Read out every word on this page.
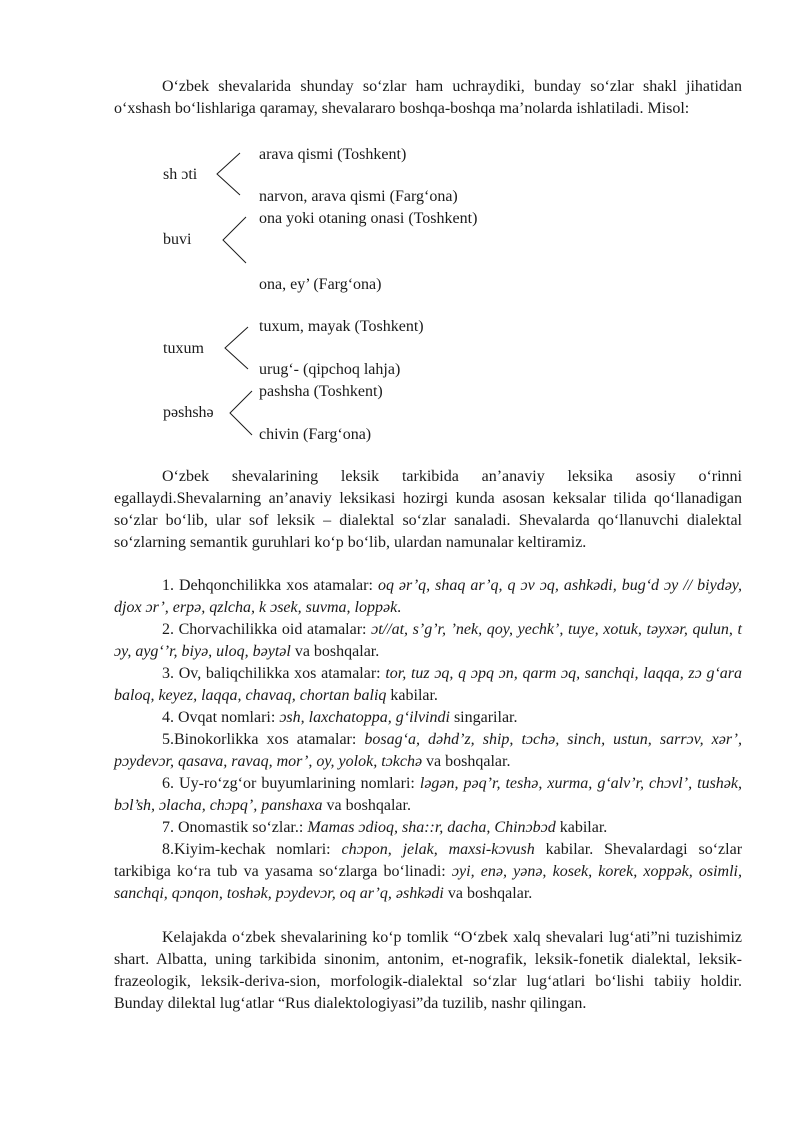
O‘zbek shevalarida shunday so‘zlar ham uchraydiki, bunday so‘zlar shakl jihatidan o‘xshash bo‘lishlariga qaramay, shevalararo boshqa-boshqa ma’nolarda ishlatiladi. Misol:

arava qismi (Toshkent)
sh ɔti
narvon, arava qismi (Farg‘ona)
ona yoki otaning onasi (Toshkent)
buvi
ona, ey’ (Farg‘ona)
tuxum, mayak (Toshkent)
tuxum
urug‘- (qipchoq lahja)
pashsha (Toshkent)
pәshshә
chivin (Farg‘ona)

O‘zbek shevalarining leksik tarkibida an’anaviy leksika asosiy o‘rinni egallaydi.Shevalarning an’anaviy leksikasi hozirgi kunda asosan keksalar tilida qo‘llanadigan so‘zlar bo‘lib, ular sof leksik – dialektal so‘zlar sanaladi. Shevalarda qo‘llanuvchi dialektal so‘zlarning semantik guruhlari ko‘p bo‘lib, ulardan namunalar keltiramiz.

1. Dehqonchilikka xos atamalar: oq әr’q, shaq ar’q, q ɔv ɔq, ashkәdi, bug‘d ɔy // biydәy, djox ɔr’, erpә, qzlcha, k ɔsek, suvma, loppәk.

2. Chorvachilikka oid atamalar: ɔt//at, s’g’r, ’nek, qoy, yechk’, tuye, xotuk, tәyxәr, qulun, t ɔy, ayg‘’r, biyә, uloq, bәytәl va boshqalar.

3. Ov, baliqchilikka xos atamalar: tor, tuz ɔq, q ɔpq ɔn, qarm ɔq, sanchqi, laqqa, zɔ g‘ara baloq, keyez, laqqa, chavaq, chortan baliq kabilar.

4. Ovqat nomlari: ɔsh, laxchatoppa, g‘ilvindi singarilar.

5.Binokorlikka xos atamalar: bosag‘a, dәhd’z, ship, tɔchә, sinch, ustun, sarrɔv, xәr’, pɔydevɔr, qasava, ravaq, mor’, oy, yolok, tɔkchә va boshqalar.

6. Uy-ro‘zg‘or buyumlarining nomlari: lәgәn, pәq’r, teshә, xurma, g‘alv’r, chɔvl’, tushәk, bɔl’sh, ɔlacha, chɔpq’, panshaxa va boshqalar.

7. Onomastik so‘zlar.: Mamas ɔdioq, sha::r, dacha, Chinɔbɔd kabilar.

8.Kiyim-kechak nomlari: chɔpon, jelak, maxsi-kɔvush kabilar. Shevalardagi so‘zlar tarkibiga ko‘ra tub va yasama so‘zlarga bo‘linadi: ɔyi, enә, yәnә, kosek, korek, xoppәk, osimli, sanchqi, qɔnqon, toshәk, pɔydevɔr, oq ar’q, әshkәdi va boshqalar.

Kelajakda o‘zbek shevalarining ko‘p tomlik “O‘zbek xalq shevalari lug‘ati”ni tuzishimiz shart. Albatta, uning tarkibida sinonim, antonim, et-nografik, leksik-fonetik dialektal, leksik-frazeologik, leksik-deriva-sion, morfologik-dialektal so‘zlar lug‘atlari bo‘lishi tabiiy holdir. Bunday dilektal lug‘atlar “Rus dialektologiyasi”da tuzilib, nashr qilingan.
